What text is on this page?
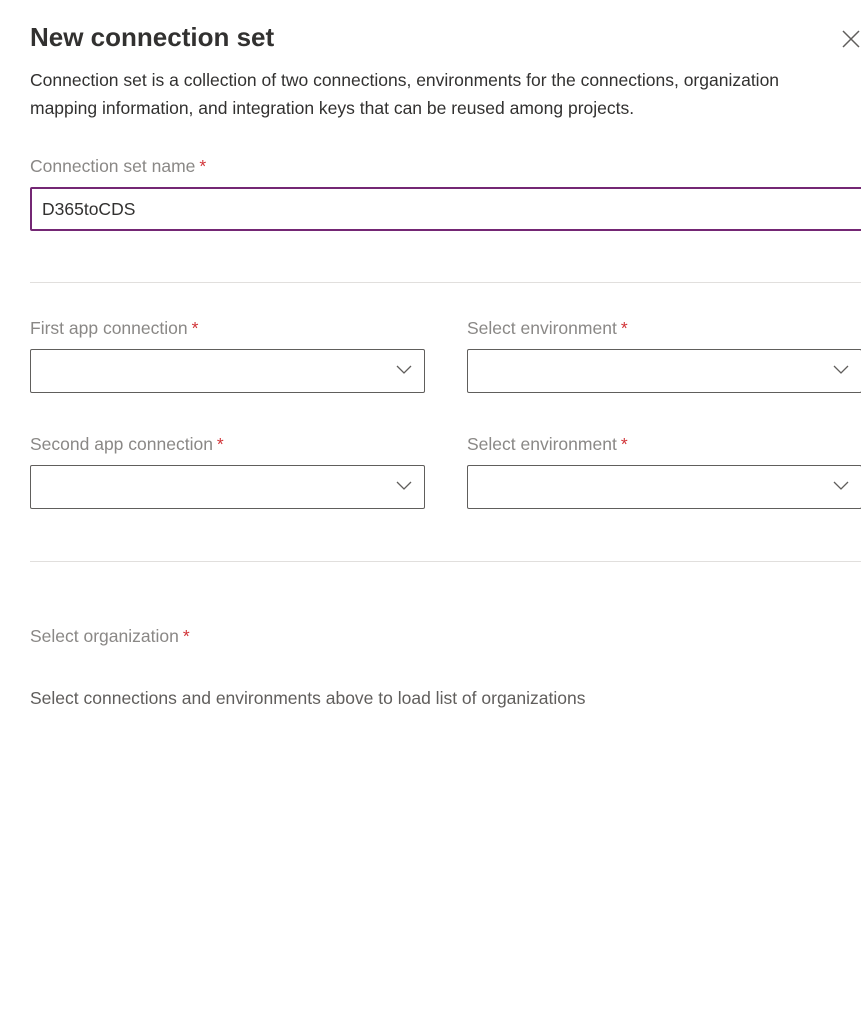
New connection set
Connection set is a collection of two connections, environments for the connections, organization mapping information, and integration keys that can be reused among projects.
Connection set name *
D365toCDS
First app connection *	Select environment *
Second app connection *	Select environment *
Select organization *
Select connections and environments above to load list of organizations
